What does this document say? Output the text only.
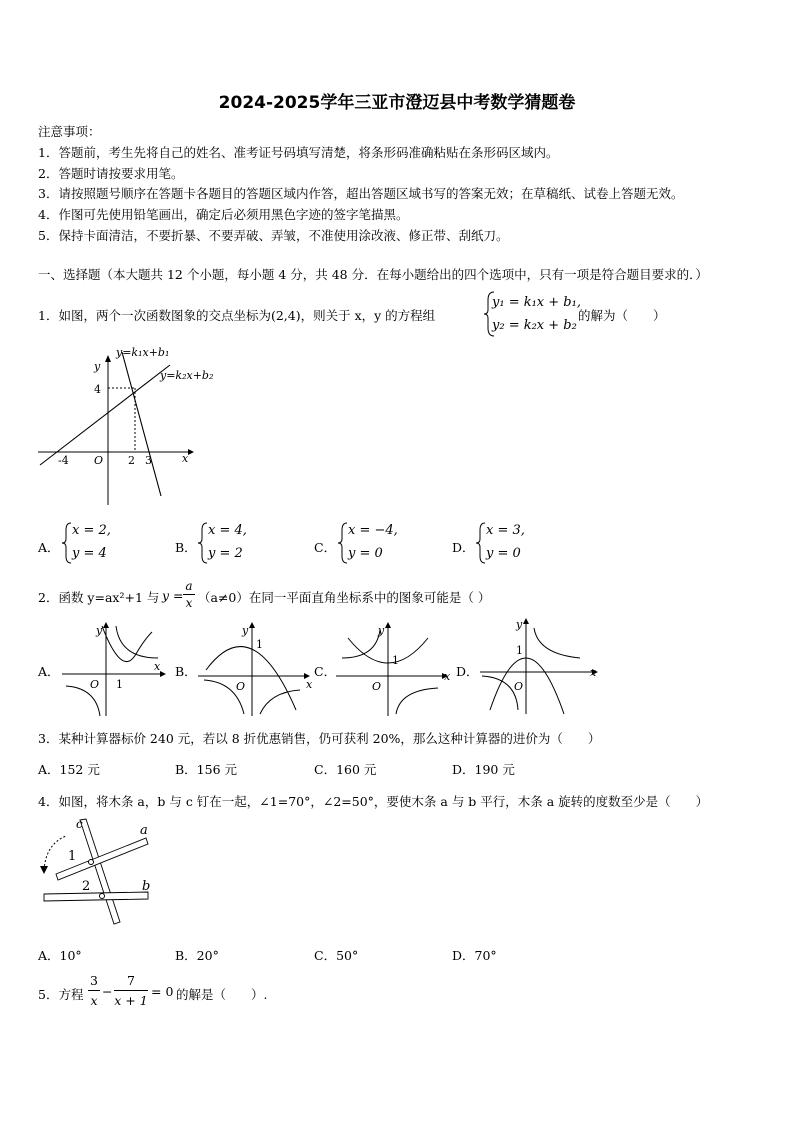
2024-2025学年三亚市澄迈县中考数学猜题卷
注意事项：
1．答题前，考生先将自己的姓名、准考证号码填写清楚，将条形码准确粘贴在条形码区域内。
2．答题时请按要求用笔。
3．请按照题号顺序在答题卡各题目的答题区域内作答，超出答题区域书写的答案无效；在草稿纸、试卷上答题无效。
4．作图可先使用铅笔画出，确定后必须用黑色字迹的签字笔描黑。
5．保持卡面清洁，不要折暴、不要弄破、弄皱，不准使用涂改液、修正带、刮纸刀。
一、选择题（本大题共 12 个小题，每小题 4 分，共 48 分．在每小题给出的四个选项中，只有一项是符合题目要求的．）
1．如图，两个一次函数图象的交点坐标为(2,4)，则关于 x，y 的方程组
y₁ = k₁x + b₁,
y₂ = k₂x + b₂
的解为（　　）
y=k₁x+b₁
y=k₂x+b₂
y
x
O
4
-4	2 3
A．	B．	C．	D．
x = 2,
y = 4
x = 4,
y = 2
x = −4,
y = 0
x = 3,
y = 0
2．函数 y=ax²+1 与 y =
a
x （a≠0）在同一平面直角坐标系中的图象可能是（ ）
A．	B．	C．	D．
y
x
O 1
y
x
O
1
y
x
O
1
y
x
O
1
3．某种计算器标价 240 元，若以 8 折优惠销售，仍可获利 20%，那么这种计算器的进价为（　　）
A．152 元	B．156 元	C．160 元	D．190 元
4．如图，将木条 a，b 与 c 钉在一起，∠1=70°，∠2=50°，要使木条 a 与 b 平行，木条 a 旋转的度数至少是（　　）
c	a
b
1
2
A．10°	B．20°	C．50°	D．70°
5．方程
3
x
−
7
x + 1
= 0 的解是（　　）.
